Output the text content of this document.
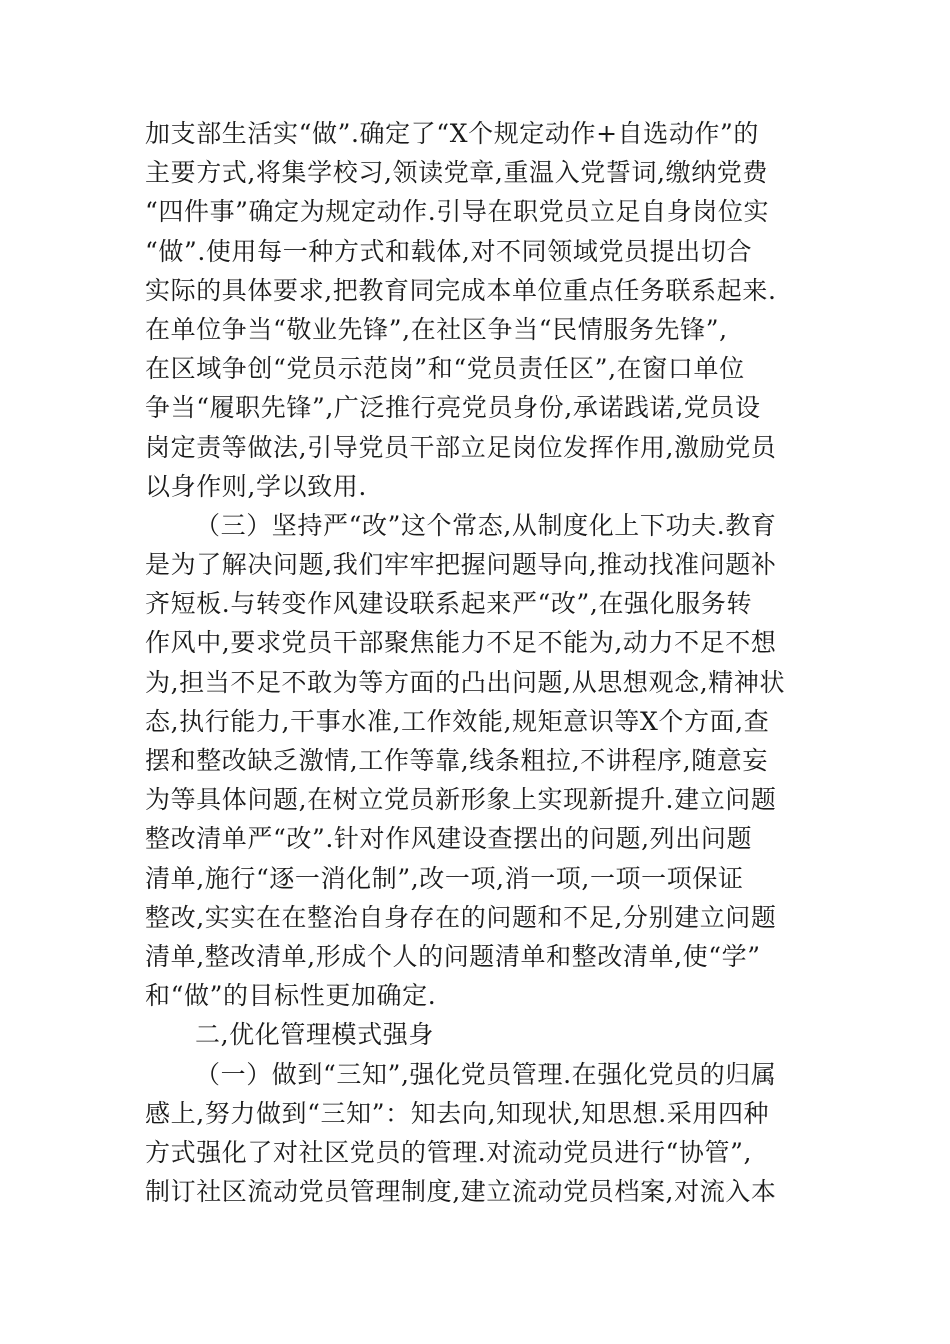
加支部生活实“做”.确定了“X个规定动作+自选动作”的
主要方式,将集学校习,领读党章,重温入党誓词,缴纳党费
“四件事”确定为规定动作.引导在职党员立足自身岗位实
“做”.使用每一种方式和载体,对不同领域党员提出切合
实际的具体要求,把教育同完成本单位重点任务联系起来.
在单位争当“敬业先锋”,在社区争当“民情服务先锋”,
在区域争创“党员示范岗”和“党员责任区”,在窗口单位
争当“履职先锋”,广泛推行亮党员身份,承诺践诺,党员设
岗定责等做法,引导党员干部立足岗位发挥作用,激励党员
以身作则,学以致用.
（三）坚持严“改”这个常态,从制度化上下功夫.教育
是为了解决问题,我们牢牢把握问题导向,推动找准问题补
齐短板.与转变作风建设联系起来严“改”,在强化服务转
作风中,要求党员干部聚焦能力不足不能为,动力不足不想
为,担当不足不敢为等方面的凸出问题,从思想观念,精神状
态,执行能力,干事水准,工作效能,规矩意识等X个方面,查
摆和整改缺乏激情,工作等靠,线条粗拉,不讲程序,随意妄
为等具体问题,在树立党员新形象上实现新提升.建立问题
整改清单严“改”.针对作风建设查摆出的问题,列出问题
清单,施行“逐一消化制”,改一项,消一项,一项一项保证
整改,实实在在整治自身存在的问题和不足,分别建立问题
清单,整改清单,形成个人的问题清单和整改清单,使“学”
和“做”的目标性更加确定.
二,优化管理模式强身
（一）做到“三知”,强化党员管理.在强化党员的归属
感上,努力做到“三知”：知去向,知现状,知思想.采用四种
方式强化了对社区党员的管理.对流动党员进行“协管”,
制订社区流动党员管理制度,建立流动党员档案,对流入本
